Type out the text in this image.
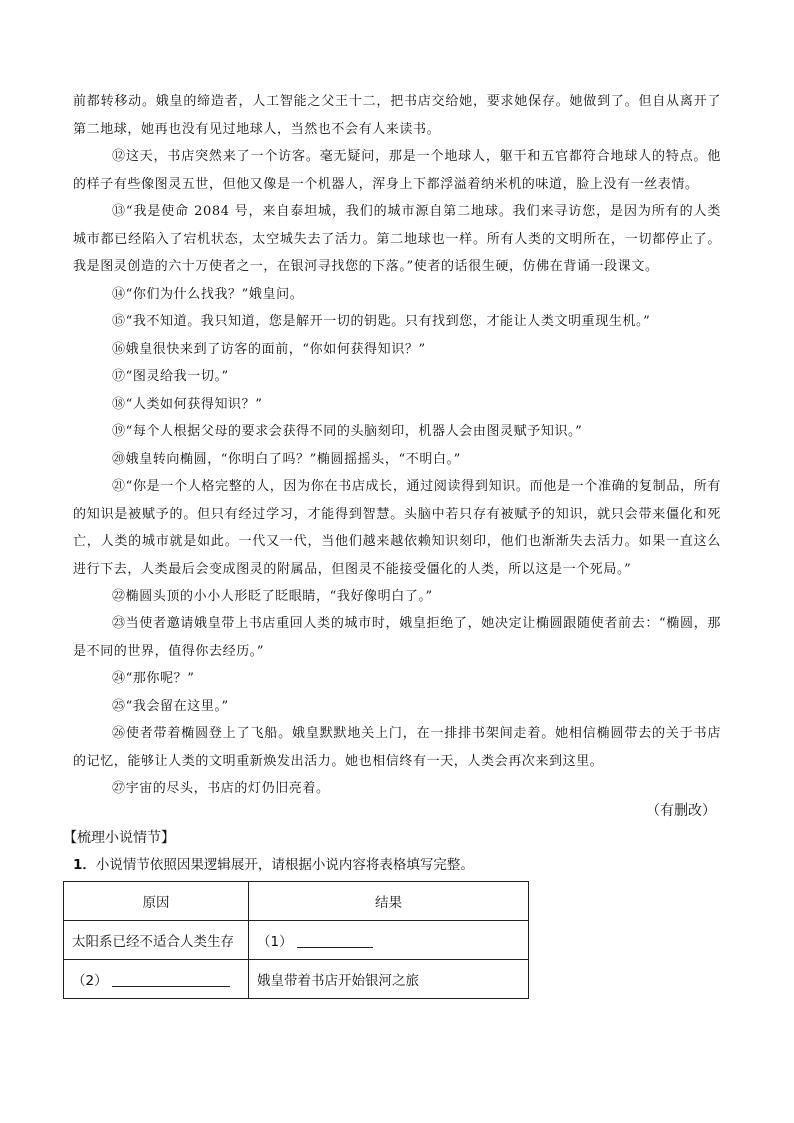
前都转移动。娥皇的缔造者，人工智能之父王十二，把书店交给她，要求她保存。她做到了。但自从离开了第二地球，她再也没有见过地球人，当然也不会有人来读书。
⑫这天，书店突然来了一个访客。毫无疑问，那是一个地球人，躯干和五官都符合地球人的特点。他的样子有些像图灵五世，但他又像是一个机器人，浑身上下都浮溢着纳米机的味道，脸上没有一丝表情。
⑬“我是使命 2084 号，来自泰坦城，我们的城市源自第二地球。我们来寻访您，是因为所有的人类城市都已经陷入了宕机状态，太空城失去了活力。第二地球也一样。所有人类的文明所在，一切都停止了。我是图灵创造的六十万使者之一，在银河寻找您的下落。”使者的话很生硬，仿佛在背诵一段课文。
⑭“你们为什么找我？”娥皇问。
⑮“我不知道。我只知道，您是解开一切的钥匙。只有找到您，才能让人类文明重现生机。”
⑯娥皇很快来到了访客的面前，“你如何获得知识？”
⑰“图灵给我一切。”
⑱“人类如何获得知识？”
⑲“每个人根据父母的要求会获得不同的头脑刻印，机器人会由图灵赋予知识。”
⑳娥皇转向椭圆，“你明白了吗？”椭圆摇摇头，“不明白。”
㉑“你是一个人格完整的人，因为你在书店成长，通过阅读得到知识。而他是一个准确的复制品，所有的知识是被赋予的。但只有经过学习，才能得到智慧。头脑中若只存有被赋予的知识，就只会带来僵化和死亡，人类的城市就是如此。一代又一代，当他们越来越依赖知识刻印，他们也渐渐失去活力。如果一直这么进行下去，人类最后会变成图灵的附属品，但图灵不能接受僵化的人类，所以这是一个死局。”
㉒椭圆头顶的小小人形眨了眨眼睛，“我好像明白了。”
㉓当使者邀请娥皇带上书店重回人类的城市时，娥皇拒绝了，她决定让椭圆跟随使者前去：“椭圆，那是不同的世界，值得你去经历。”
㉔“那你呢？”
㉕“我会留在这里。”
㉖使者带着椭圆登上了飞船。娥皇默默地关上门，在一排排书架间走着。她相信椭圆带去的关于书店的记忆，能够让人类的文明重新焕发出活力。她也相信终有一天，人类会再次来到这里。
㉗宇宙的尽头，书店的灯仍旧亮着。
（有删改）
【梳理小说情节】
1．小说情节依照因果逻辑展开，请根据小说内容将表格填写完整。
原因	结果
太阳系已经不适合人类生存	（1）
（2）	娥皇带着书店开始银河之旅
